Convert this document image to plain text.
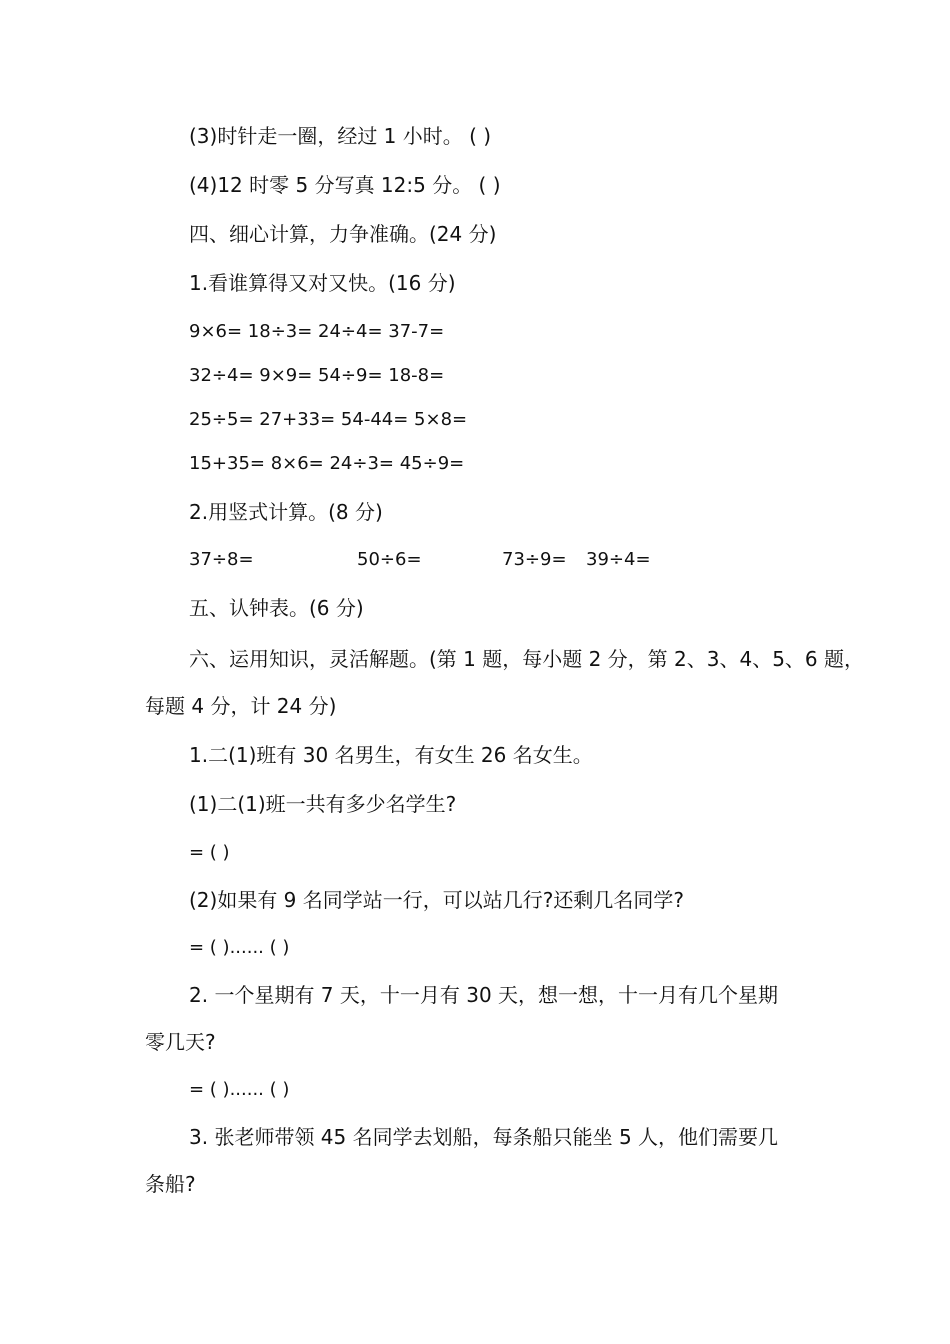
(3)时针走一圈，经过 1 小时。 ( )
(4)12 时零 5 分写真 12:5 分。 ( )
四、细心计算，力争准确。(24 分)
1.看谁算得又对又快。(16 分)
9×6= 18÷3= 24÷4= 37-7=
32÷4= 9×9= 54÷9= 18-8=
25÷5= 27+33= 54-44= 5×8=
15+35= 8×6= 24÷3= 45÷9=
2.用竖式计算。(8 分)
37÷8=	50÷6=	73÷9= 39÷4=
五、认钟表。(6 分)
六、运用知识，灵活解题。(第 1 题，每小题 2 分，第 2、3、4、5、6 题，
每题 4 分，计 24 分)
1.二(1)班有 30 名男生，有女生 26 名女生。
(1)二(1)班一共有多少名学生?
= ( )
(2)如果有 9 名同学站一行，可以站几行?还剩几名同学?
= ( )...... ( )
2. 一个星期有 7 天，十一月有 30 天，想一想，十一月有几个星期
零几天?
= ( )...... ( )
3. 张老师带领 45 名同学去划船，每条船只能坐 5 人，他们需要几
条船?
